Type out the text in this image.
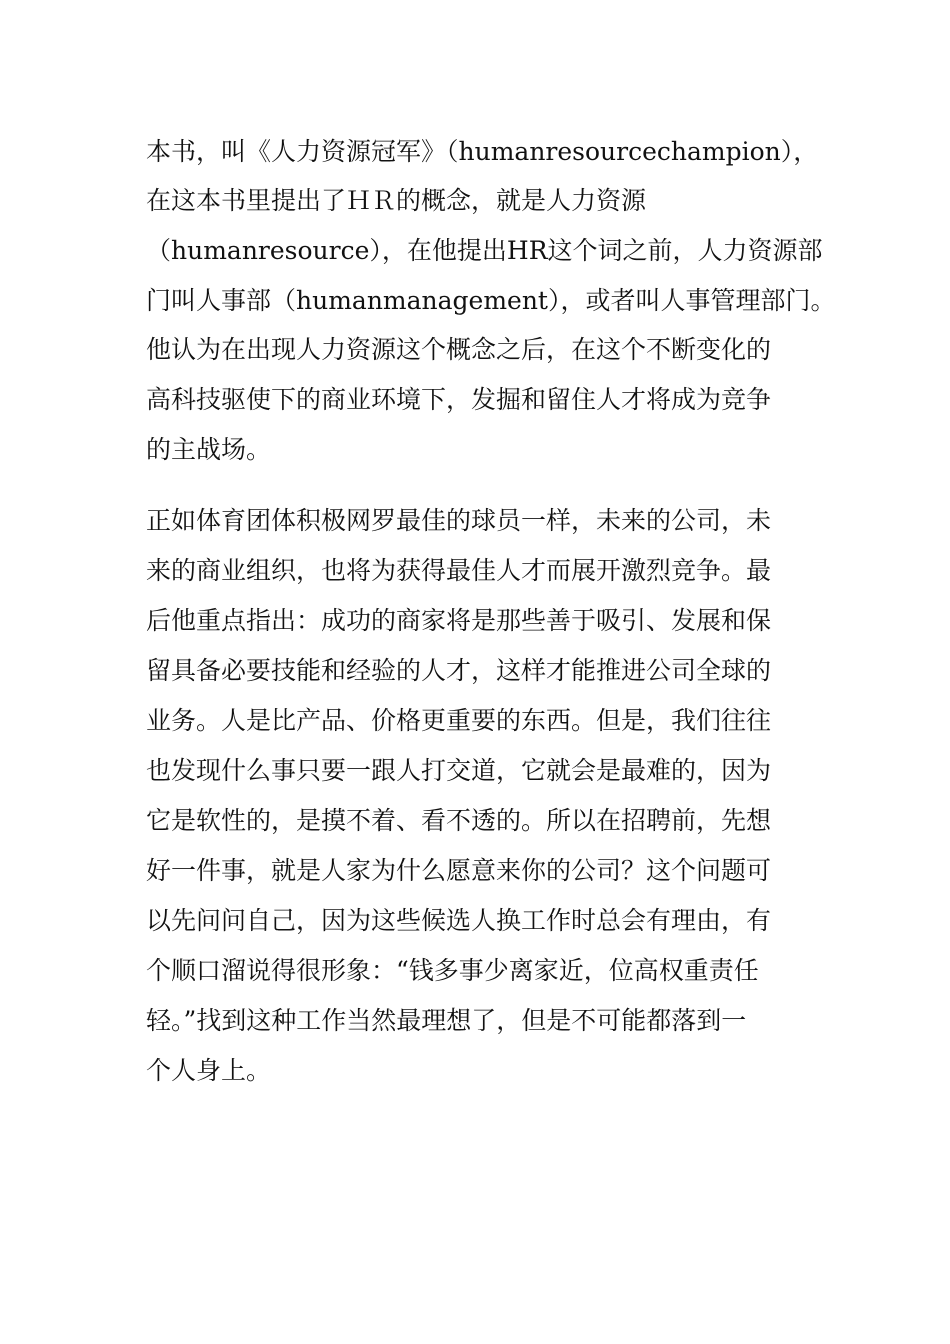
本书，叫《人力资源冠军》（humanresourcechampion），
在这本书里提出了ＨＲ的概念，就是人力资源
（humanresource），在他提出HR这个词之前，人力资源部
门叫人事部（humanmanagement），或者叫人事管理部门。
他认为在出现人力资源这个概念之后，在这个不断变化的
高科技驱使下的商业环境下，发掘和留住人才将成为竞争
的主战场。
正如体育团体积极网罗最佳的球员一样，未来的公司，未
来的商业组织，也将为获得最佳人才而展开激烈竞争。最
后他重点指出：成功的商家将是那些善于吸引、发展和保
留具备必要技能和经验的人才，这样才能推进公司全球的
业务。人是比产品、价格更重要的东西。但是，我们往往
也发现什么事只要一跟人打交道，它就会是最难的，因为
它是软性的，是摸不着、看不透的。所以在招聘前，先想
好一件事，就是人家为什么愿意来你的公司？这个问题可
以先问问自己，因为这些候选人换工作时总会有理由，有
个顺口溜说得很形象：“钱多事少离家近，位高权重责任
轻。”找到这种工作当然最理想了，但是不可能都落到一
个人身上。
